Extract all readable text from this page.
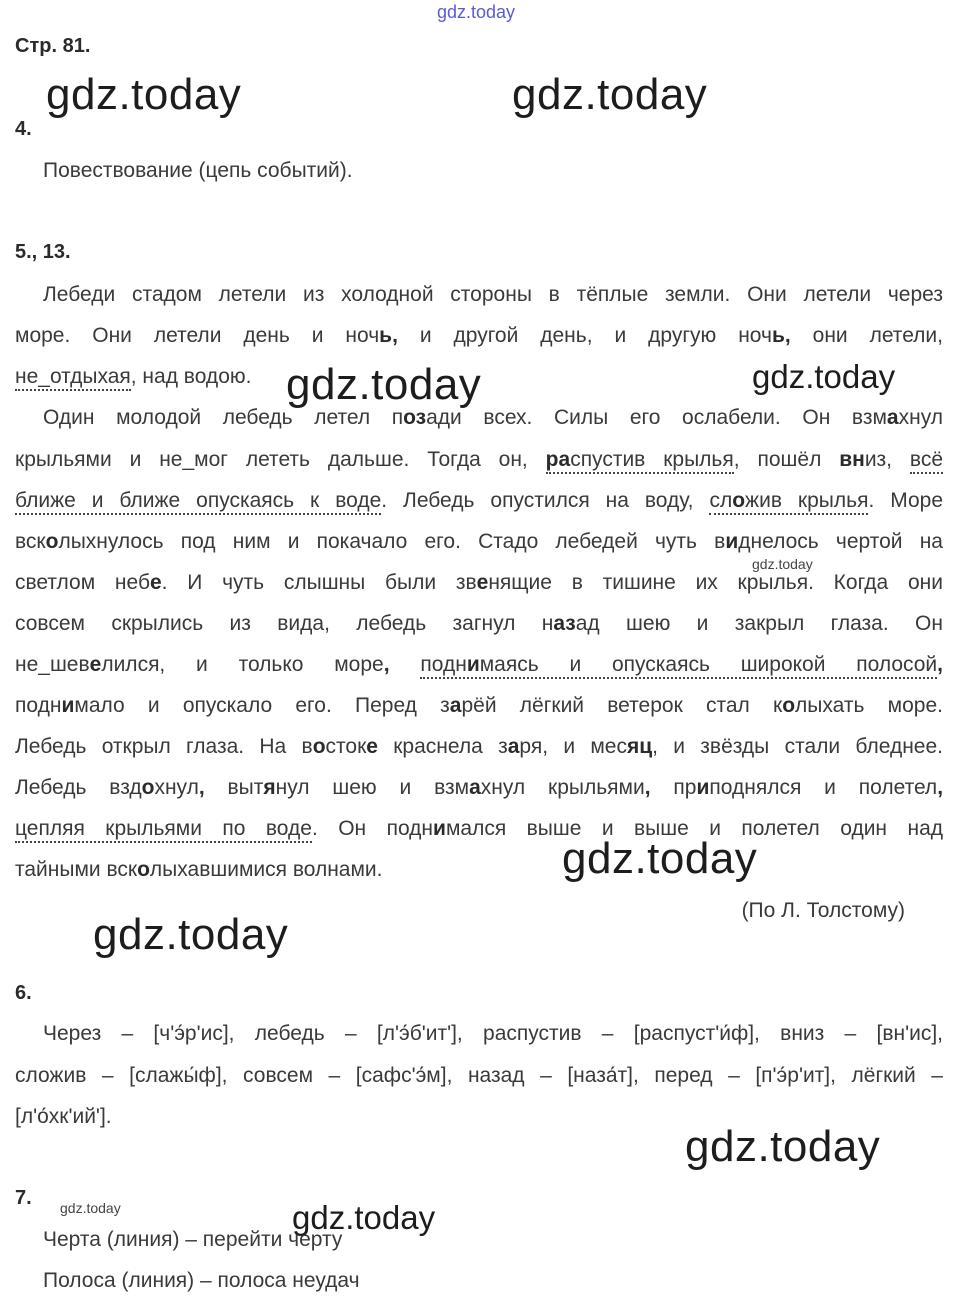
gdz.today
gdz.today	gdz.today
gdz.today	gdz.today
gdz.today
gdz.today
gdz.today
gdz.today
gdz.today	gdz.today
Стр. 81.
4.
Повествование (цепь событий).
5., 13.
Лебеди стадом летели из холодной стороны в тёплые земли. Они летели через
море. Они летели день и ночь, и другой день, и другую ночь, они летели,
не_отдыхая, над водою.
Один молодой лебедь летел позади всех. Силы его ослабели. Он взмахнул
крыльями и не_мог лететь дальше. Тогда он, распустив крылья, пошёл вниз, всё
ближе и ближе опускаясь к воде. Лебедь опустился на воду, сложив крылья. Море
всколыхнулось под ним и покачало его. Стадо лебедей чуть виднелось чертой на
светлом небе. И чуть слышны были звенящие в тишине их крылья. Когда они
совсем скрылись из вида, лебедь загнул назад шею и закрыл глаза. Он
не_шевелился, и только море, поднимаясь и опускаясь широкой полосой,
поднимало и опускало его. Перед зарёй лёгкий ветерок стал колыхать море.
Лебедь открыл глаза. На востоке краснела заря, и месяц, и звёзды стали бледнее.
Лебедь вздохнул, вытянул шею и взмахнул крыльями, приподнялся и полетел,
цепляя крыльями по воде. Он поднимался выше и выше и полетел один над
тайными всколыхавшимися волнами.
(По Л. Толстому)
6.
Через – [ч'э́р'ис], лебедь – [л'э́б'ит'], распустив – [распуст'и́ф], вниз – [вн'ис],
сложив – [слажы́ф], совсем – [сафс'э́м], назад – [наза́т], перед – [п'э́р'ит], лёгкий –
[л'о́хк'ий'].
7.
Черта (линия) – перейти черту
Полоса (линия) – полоса неудач
